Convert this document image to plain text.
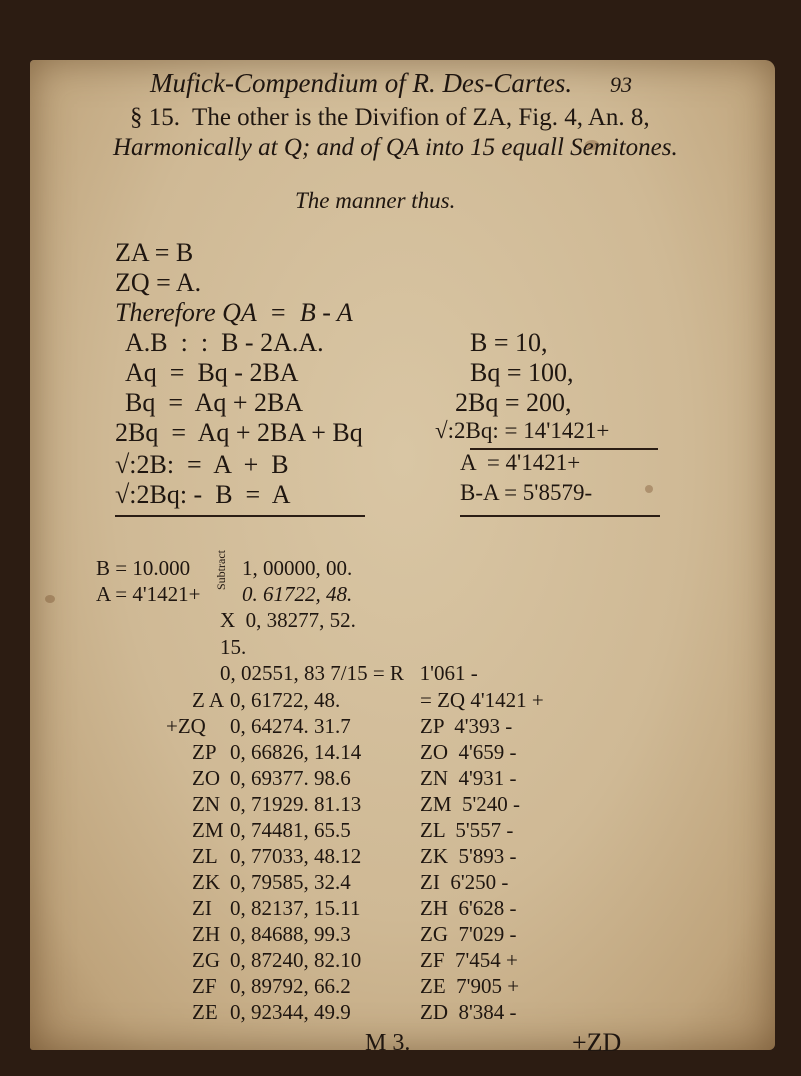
Mufick-Compendium of R. Des-Cartes. 93
§ 15.  The other is the Divifion of ZA, Fig. 4, An. 8,
Harmonically at Q; and of QA into 15 equall Semitones.
The manner thus.
ZA = B
ZQ = A.
Therefore QA  =  B - A
A.B  :  :  B - 2A.A.	B = 10,
Aq  =  Bq - 2BA	Bq = 100,
Bq  =  Aq + 2BA	2Bq = 200,
2Bq  =  Aq + 2BA + Bq	√:2Bq: = 14'1421+
√:2B:  =  A  +  B	A  = 4'1421+
√:2Bq: -  B  =  A	B-A = 5'8579-
B = 10.000 1, 00000, 00.
A = 4'1421+ 0. 61722, 48.
X  0, 38277, 52.
15.
0, 02551, 83 7/15 = R   1'061 -
Subtract
Z A 0, 61722, 48.	= ZQ 4'1421 +
+ZQ 0, 64274. 31.7	ZP  4'393 -
ZP 0, 66826, 14.14	ZO  4'659 -
ZO 0, 69377. 98.6	ZN  4'931 -
ZN 0, 71929. 81.13	ZM  5'240 -
ZM 0, 74481, 65.5	ZL  5'557 -
ZL 0, 77033, 48.12	ZK  5'893 -
ZK 0, 79585, 32.4	ZI  6'250 -
ZI 0, 82137, 15.11	ZH  6'628 -
ZH 0, 84688, 99.3	ZG  7'029 -
ZG 0, 87240, 82.10	ZF  7'454 +
ZF 0, 89792, 66.2	ZE  7'905 +
ZE 0, 92344, 49.9	ZD  8'384 -
M 3.	+ZD
